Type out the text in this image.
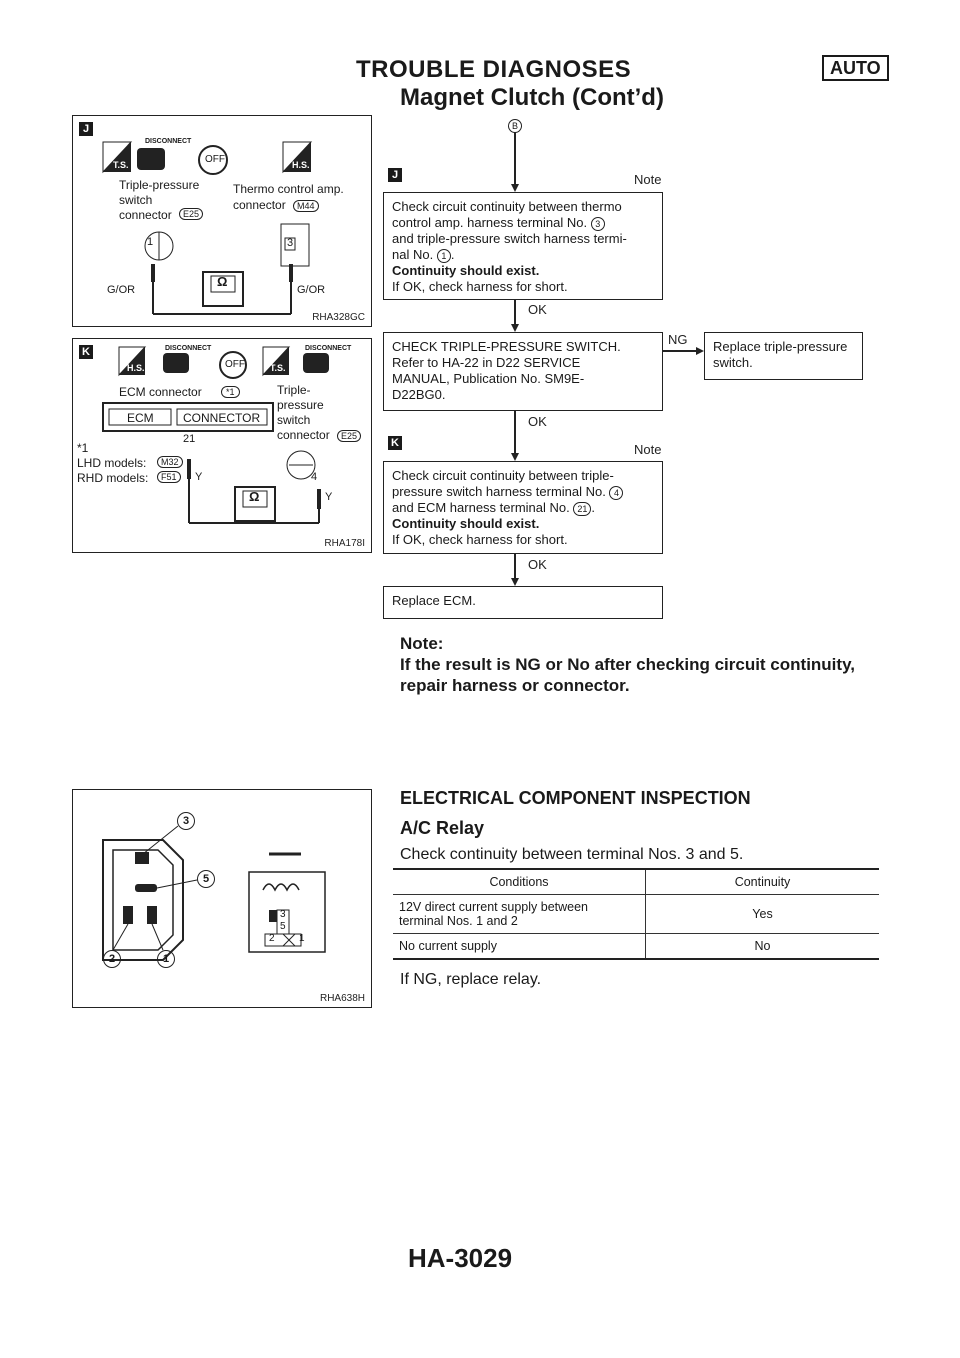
TROUBLE DIAGNOSES	AUTO
Magnet Clutch (Cont’d)
J
T.S.
DISCONNECT
OFF	H.S.
Triple-pressure
switch
connector	E25
Thermo control amp.
connector	M44
1	3
G/OR	G/OR
Ω
RHA328GC
K
H.S.
DISCONNECT
OFF	T.S.
DISCONNECT
ECM connector	*1	Triple-
pressure
switch
connector	E25
ECM CONNECTOR
21
4
*1
LHD models:	M32
RHD models:	F51	Y
Y
Ω
RHA178I
B
J	Note
Check circuit continuity between thermo
control amp. harness terminal No. 3
and triple-pressure switch harness termi-
nal No. 1 .
Continuity should exist.
If OK, check harness for short.
OK
CHECK TRIPLE-PRESSURE SWITCH.
Refer to HA-22 in D22 SERVICE
MANUAL, Publication No. SM9E-
D22BG0.
NG Replace triple-pressure
switch.
OK
K	Note
Check circuit continuity between triple-
pressure switch harness terminal No. 4
and ECM harness terminal No. 21 .
Continuity should exist.
If OK, check harness for short.
OK
Replace ECM.
Note:
If the result is NG or No after checking circuit continuity,
repair harness or connector.
3
5
2	1
3
5
2 1
RHA638H
ELECTRICAL COMPONENT INSPECTION
A/C Relay
Check continuity between terminal Nos. 3 and 5.
Conditions	Continuity

12V direct current supply between
terminal Nos. 1 and 2	Yes
No current supply	No
If NG, replace relay.
HA-3029
